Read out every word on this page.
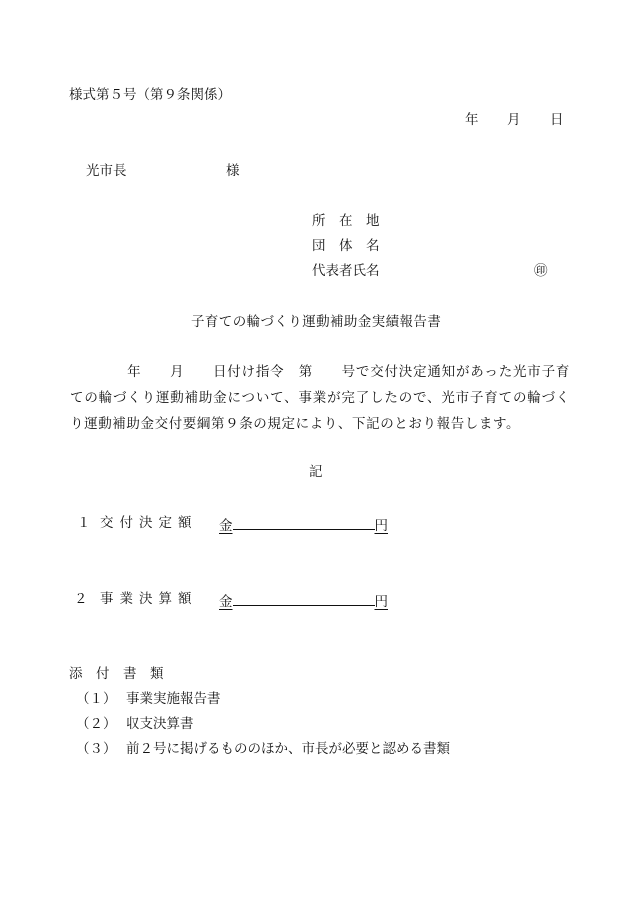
様式第５号（第９条関係）
年 月 日
光市長	様
所　在　地
団　体　名
代表者氏名	㊞
子育ての輪づくり運動補助金実績報告書
　　　　年　　月　　日付け指令　第　　号で交付決定通知があった光市子育ての輪づくり運動補助金について、事業が完了したので、光市子育ての輪づくり運動補助金交付要綱第９条の規定により、下記のとおり報告します。
記
１ 交付決定額 金	円
２ 事業決算額 金	円
添　付　書　類
（１） 事業実施報告書
（２） 収支決算書
（３） 前２号に掲げるもののほか、市長が必要と認める書類
